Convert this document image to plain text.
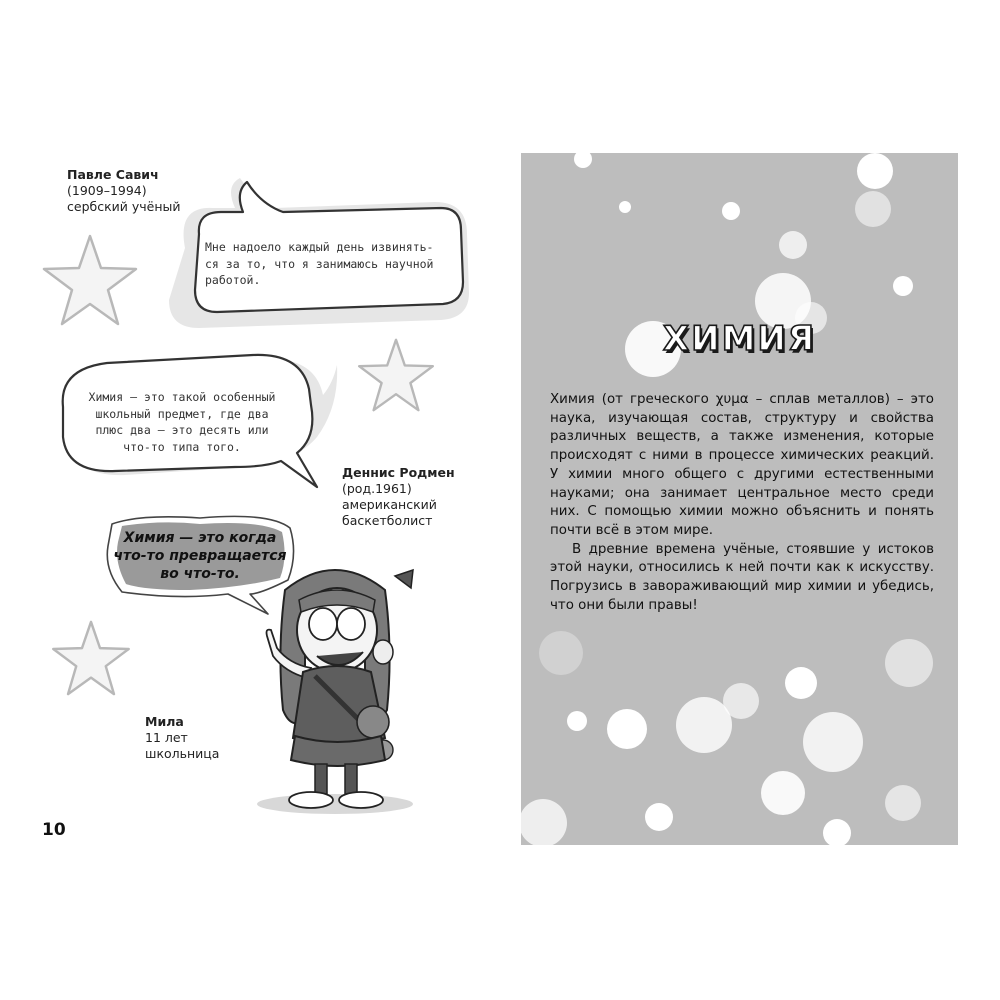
Мне надоело каждый день извинять-
ся за то, что я занимаюсь научной
работой.
Павле Савич
(1909–1994)
сербский учёный
Химия – это такой особенный
школьный предмет, где два
плюс два – это десять или
что-то типа того.
Деннис Родмен
(род.1961)
американский
баскетболист
Химия — это когда
что-то превращается
во что-то.
Мила
11 лет
школьница
10
ХИМИЯ

Химия (от греческого χυμα – сплав металлов) – это наука, изучающая состав, структуру и свойства различных веществ, а также изменения, которые происходят с ними в процессе химических реакций. У химии много общего с другими естественными науками; она занимает центральное место среди них. С помощью химии можно объяснить и понять почти всё в этом мире.

В древние времена учёные, стоявшие у истоков этой науки, относились к ней почти как к искусству. Погрузись в завораживающий мир химии и убедись, что они были правы!
